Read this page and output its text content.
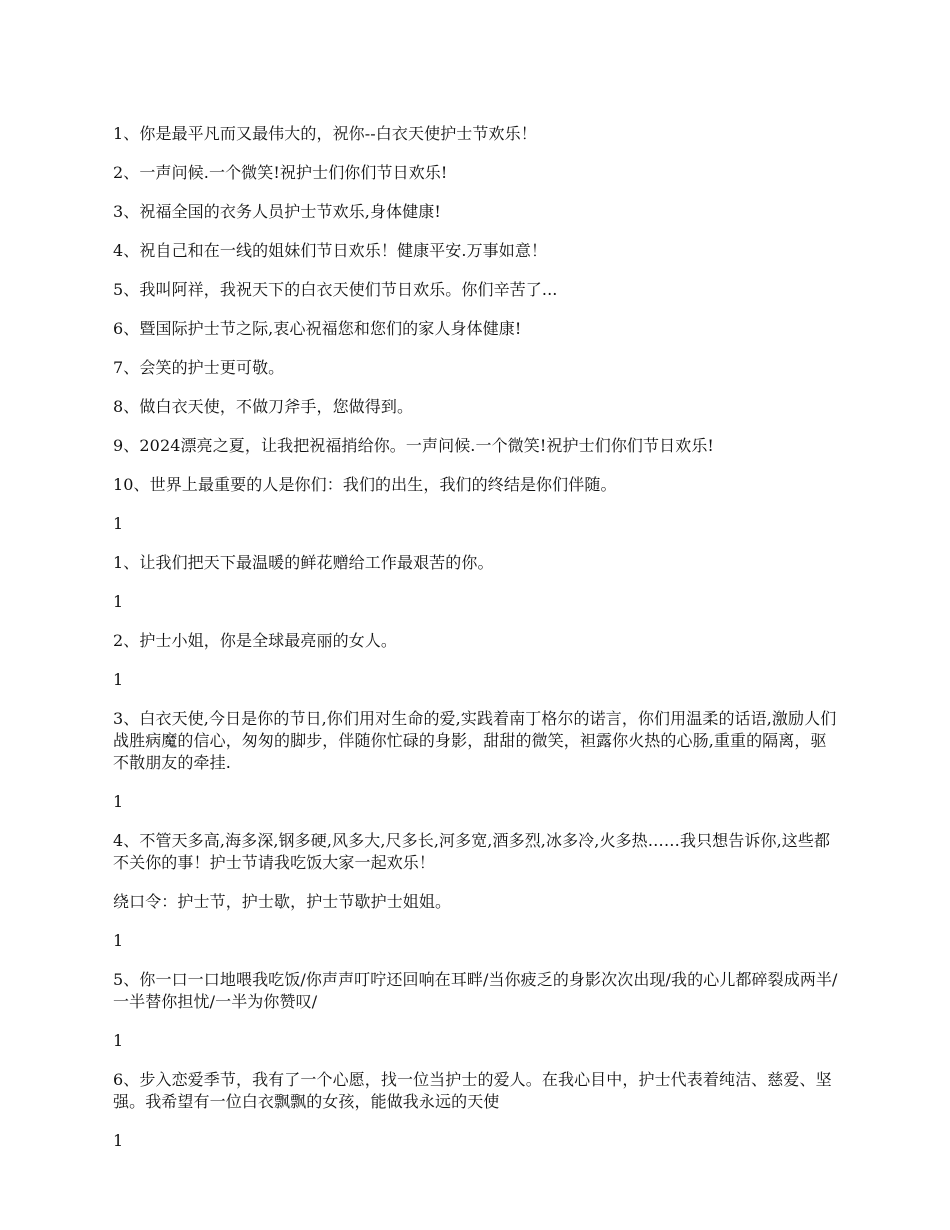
1、你是最平凡而又最伟大的，祝你--白衣天使护士节欢乐！

2、一声问候.一个微笑!祝护士们你们节日欢乐!

3、祝福全国的衣务人员护士节欢乐,身体健康!

4、祝自己和在一线的姐妹们节日欢乐！健康平安.万事如意！

5、我叫阿祥，我祝天下的白衣天使们节日欢乐。你们辛苦了...

6、暨国际护士节之际,衷心祝福您和您们的家人身体健康!

7、会笑的护士更可敬。

8、做白衣天使，不做刀斧手，您做得到。

9、2024漂亮之夏，让我把祝福捎给你。一声问候.一个微笑!祝护士们你们节日欢乐!

10、世界上最重要的人是你们：我们的出生，我们的终结是你们伴随。

1

1、让我们把天下最温暖的鲜花赠给工作最艰苦的你。

1

2、护士小姐，你是全球最亮丽的女人。

1

3、白衣天使,今日是你的节日,你们用对生命的爱,实践着南丁格尔的诺言，你们用温柔的话语,激励人们战胜病魔的信心，匆匆的脚步，伴随你忙碌的身影，甜甜的微笑，袒露你火热的心肠,重重的隔离，驱不散朋友的牵挂.

1

4、不管天多高,海多深,钢多硬,风多大,尺多长,河多宽,酒多烈,冰多冷,火多热……我只想告诉你,这些都不关你的事！护士节请我吃饭大家一起欢乐！

绕口令：护士节，护士歇，护士节歇护士姐姐。

1

5、你一口一口地喂我吃饭/你声声叮咛还回响在耳畔/当你疲乏的身影次次出现/我的心儿都碎裂成两半/一半替你担忧/一半为你赞叹/

1

6、步入恋爱季节，我有了一个心愿，找一位当护士的爱人。在我心目中，护士代表着纯洁、慈爱、坚强。我希望有一位白衣飘飘的女孩，能做我永远的天使

1
